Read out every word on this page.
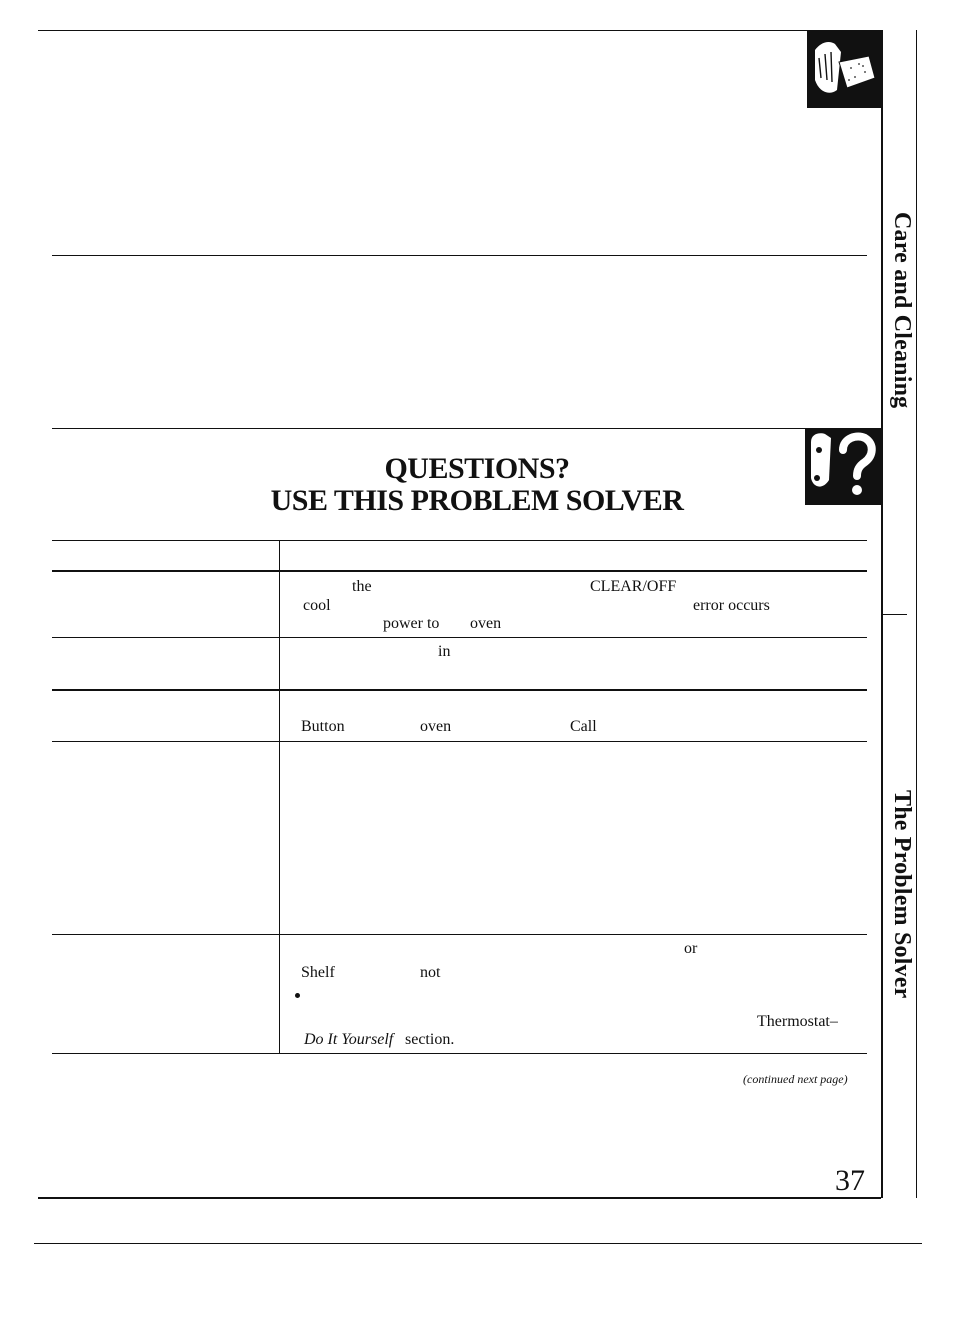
QUESTIONS?
USE THIS PROBLEM SOLVER
Care and Cleaning
The Problem Solver
the	CLEAR/OFF
cool	error occurs
power to oven
in
Button	oven	Call
or
Shelf	not
Thermostat–
Do It Yourself section.
(continued next page)
37
